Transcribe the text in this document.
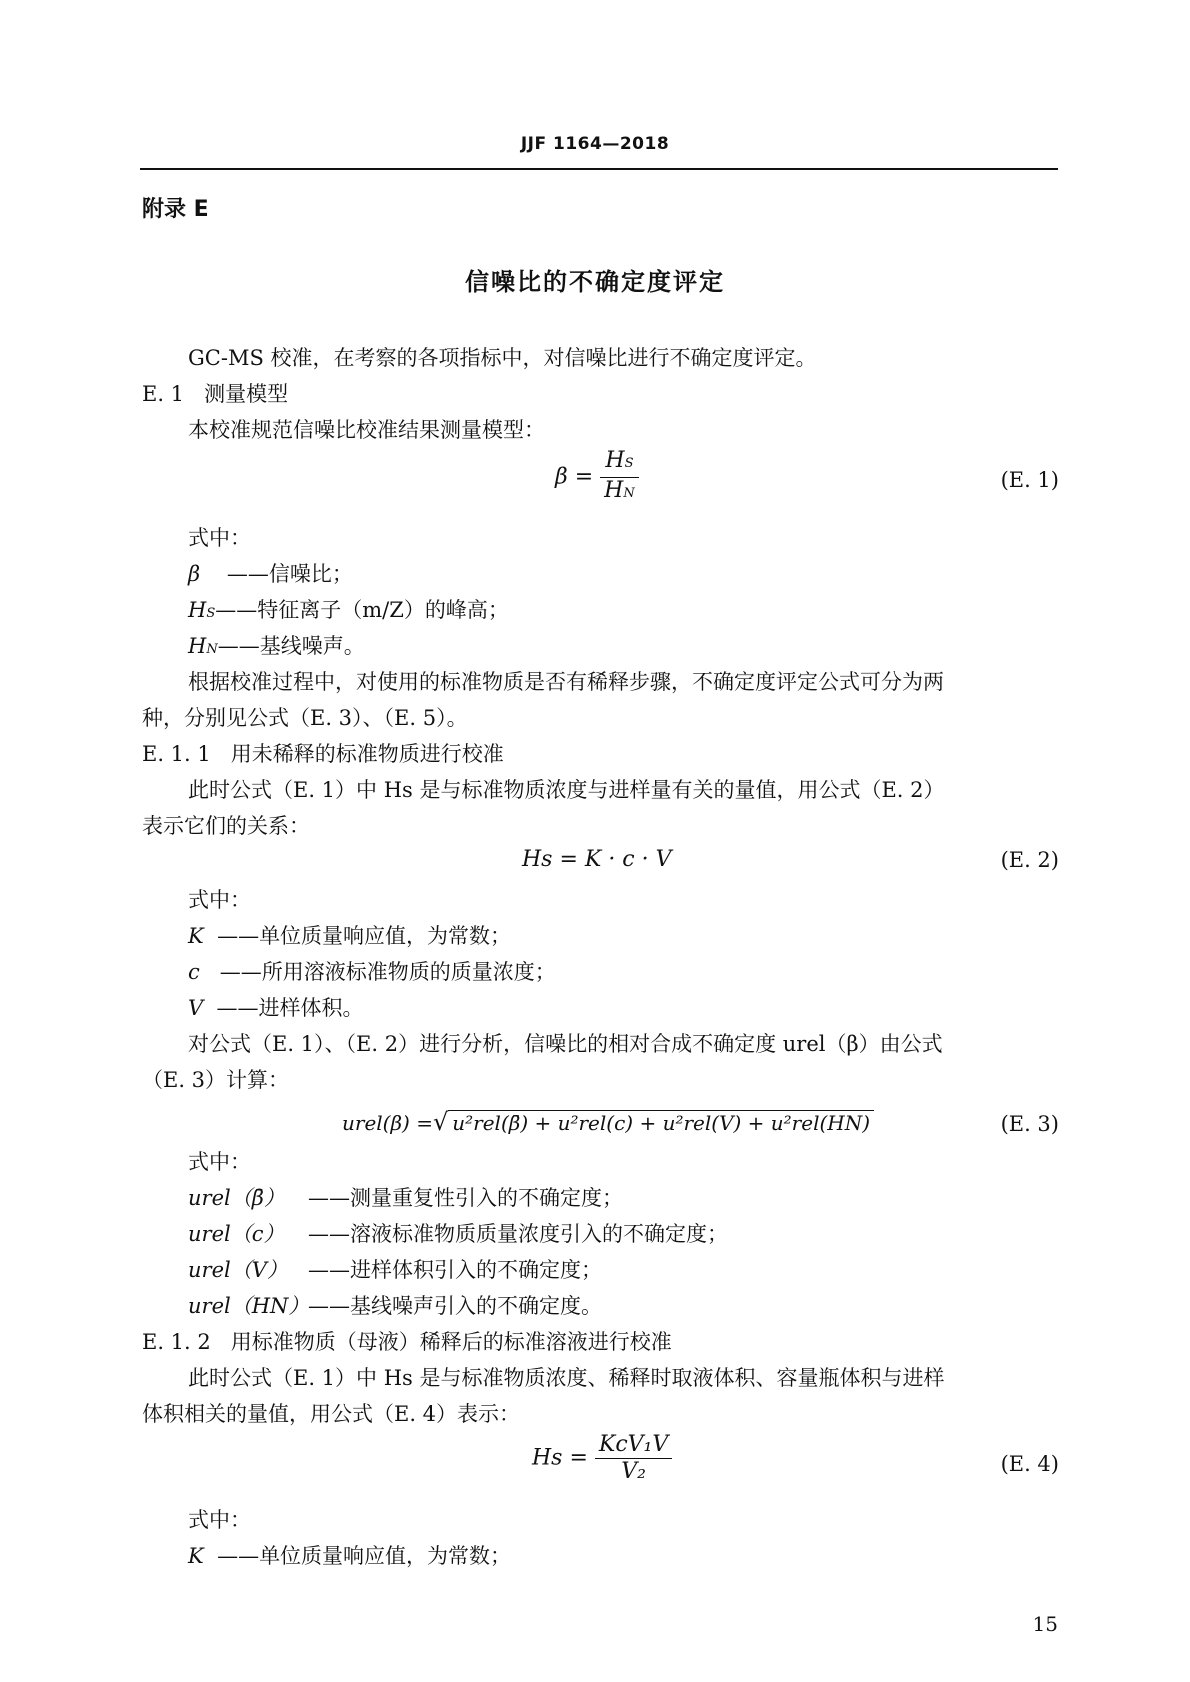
JJF 1164—2018
附录 E
信噪比的不确定度评定
GC-MS 校准，在考察的各项指标中，对信噪比进行不确定度评定。
E. 1 测量模型
本校准规范信噪比校准结果测量模型：
$\beta = \frac{HS}{HN}$	(E. 1)
式中：
β ——信噪比；
HS——特征离子（m/Z）的峰高；
HN——基线噪声。
根据校准过程中，对使用的标准物质是否有稀释步骤，不确定度评定公式可分为两
种，分别见公式（E. 3）、（E. 5）。
E. 1. 1 用未稀释的标准物质进行校准
此时公式（E. 1）中 Hs 是与标准物质浓度与进样量有关的量值，用公式（E. 2）
表示它们的关系：
Hs = K · c · V	(E. 2)
式中：
K ——单位质量响应值，为常数；
c ——所用溶液标准物质的质量浓度；
V ——进样体积。
对公式（E. 1）、（E. 2）进行分析，信噪比的相对合成不确定度 urel（β）由公式
（E. 3）计算：
urel(β) =√ u²rel(β̄) + u²rel(c) + u²rel(V) + u²rel(HN)	(E. 3)
式中：
urel（β̄） ——测量重复性引入的不确定度；
urel（c） ——溶液标准物质质量浓度引入的不确定度；
urel（V） ——进样体积引入的不确定度；
urel（HN）——基线噪声引入的不确定度。
E. 1. 2 用标准物质（母液）稀释后的标准溶液进行校准
此时公式（E. 1）中 Hs 是与标准物质浓度、稀释时取液体积、容量瓶体积与进样
体积相关的量值，用公式（E. 4）表示：
$Hs = \frac{\text{KcV₁V}}{\text{V₂}}$	(E. 4)
式中：
K ——单位质量响应值，为常数；
15
